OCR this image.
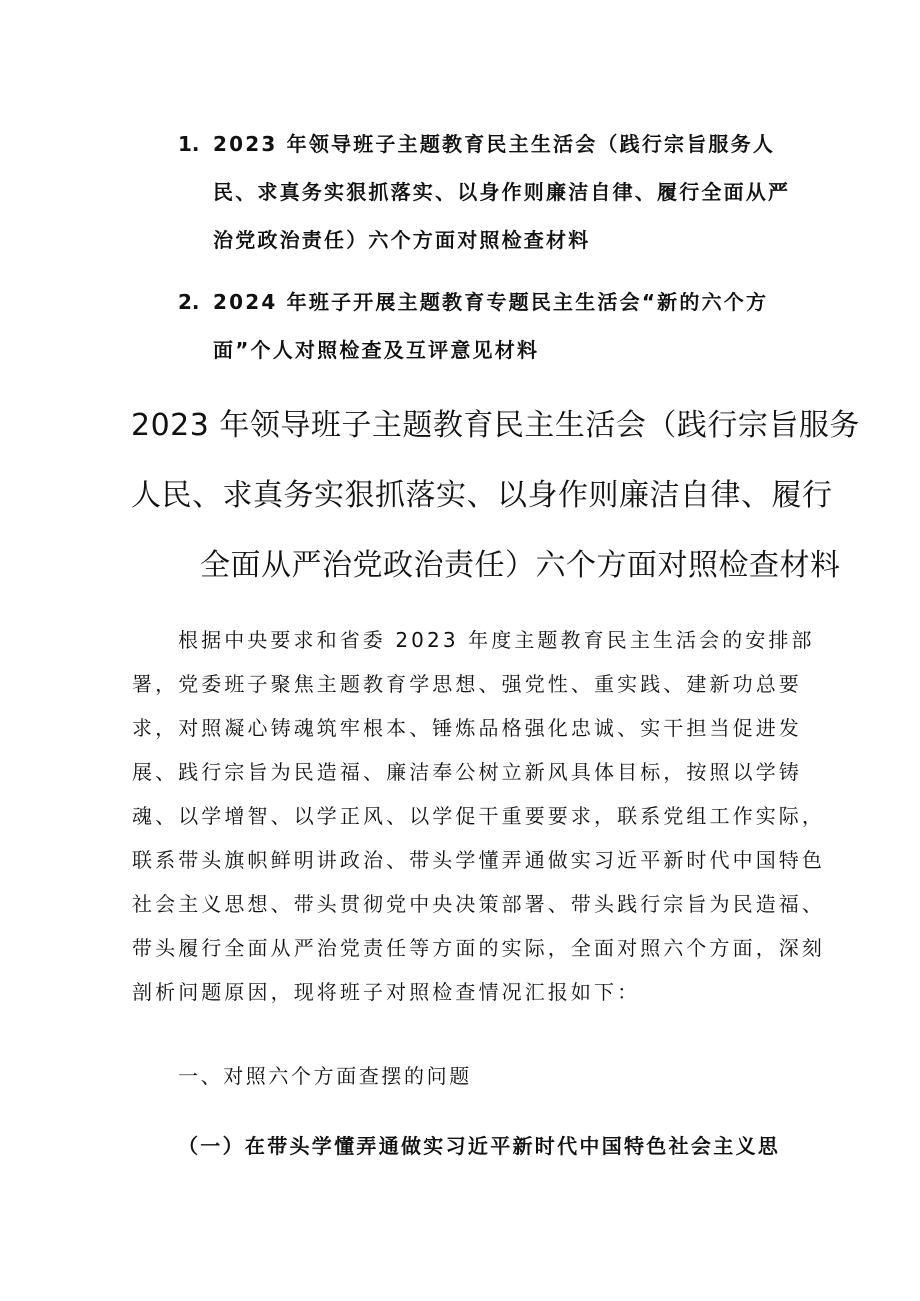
1. 2023 年领导班子主题教育民主生活会（践行宗旨服务人
民、求真务实狠抓落实、以身作则廉洁自律、履行全面从严
治党政治责任）六个方面对照检查材料
2. 2024 年班子开展主题教育专题民主生活会“新的六个方
面”个人对照检查及互评意见材料
2023 年领导班子主题教育民主生活会（践行宗旨服务
人民、求真务实狠抓落实、以身作则廉洁自律、履行
全面从严治党政治责任）六个方面对照检查材料
根据中央要求和省委 2023 年度主题教育民主生活会的安排部
署，党委班子聚焦主题教育学思想、强党性、重实践、建新功总要
求，对照凝心铸魂筑牢根本、锤炼品格强化忠诚、实干担当促进发
展、践行宗旨为民造福、廉洁奉公树立新风具体目标，按照以学铸
魂、以学增智、以学正风、以学促干重要要求，联系党组工作实际，
联系带头旗帜鲜明讲政治、带头学懂弄通做实习近平新时代中国特色
社会主义思想、带头贯彻党中央决策部署、带头践行宗旨为民造福、
带头履行全面从严治党责任等方面的实际，全面对照六个方面，深刻
剖析问题原因，现将班子对照检查情况汇报如下：
一、对照六个方面查摆的问题
（一）在带头学懂弄通做实习近平新时代中国特色社会主义思
